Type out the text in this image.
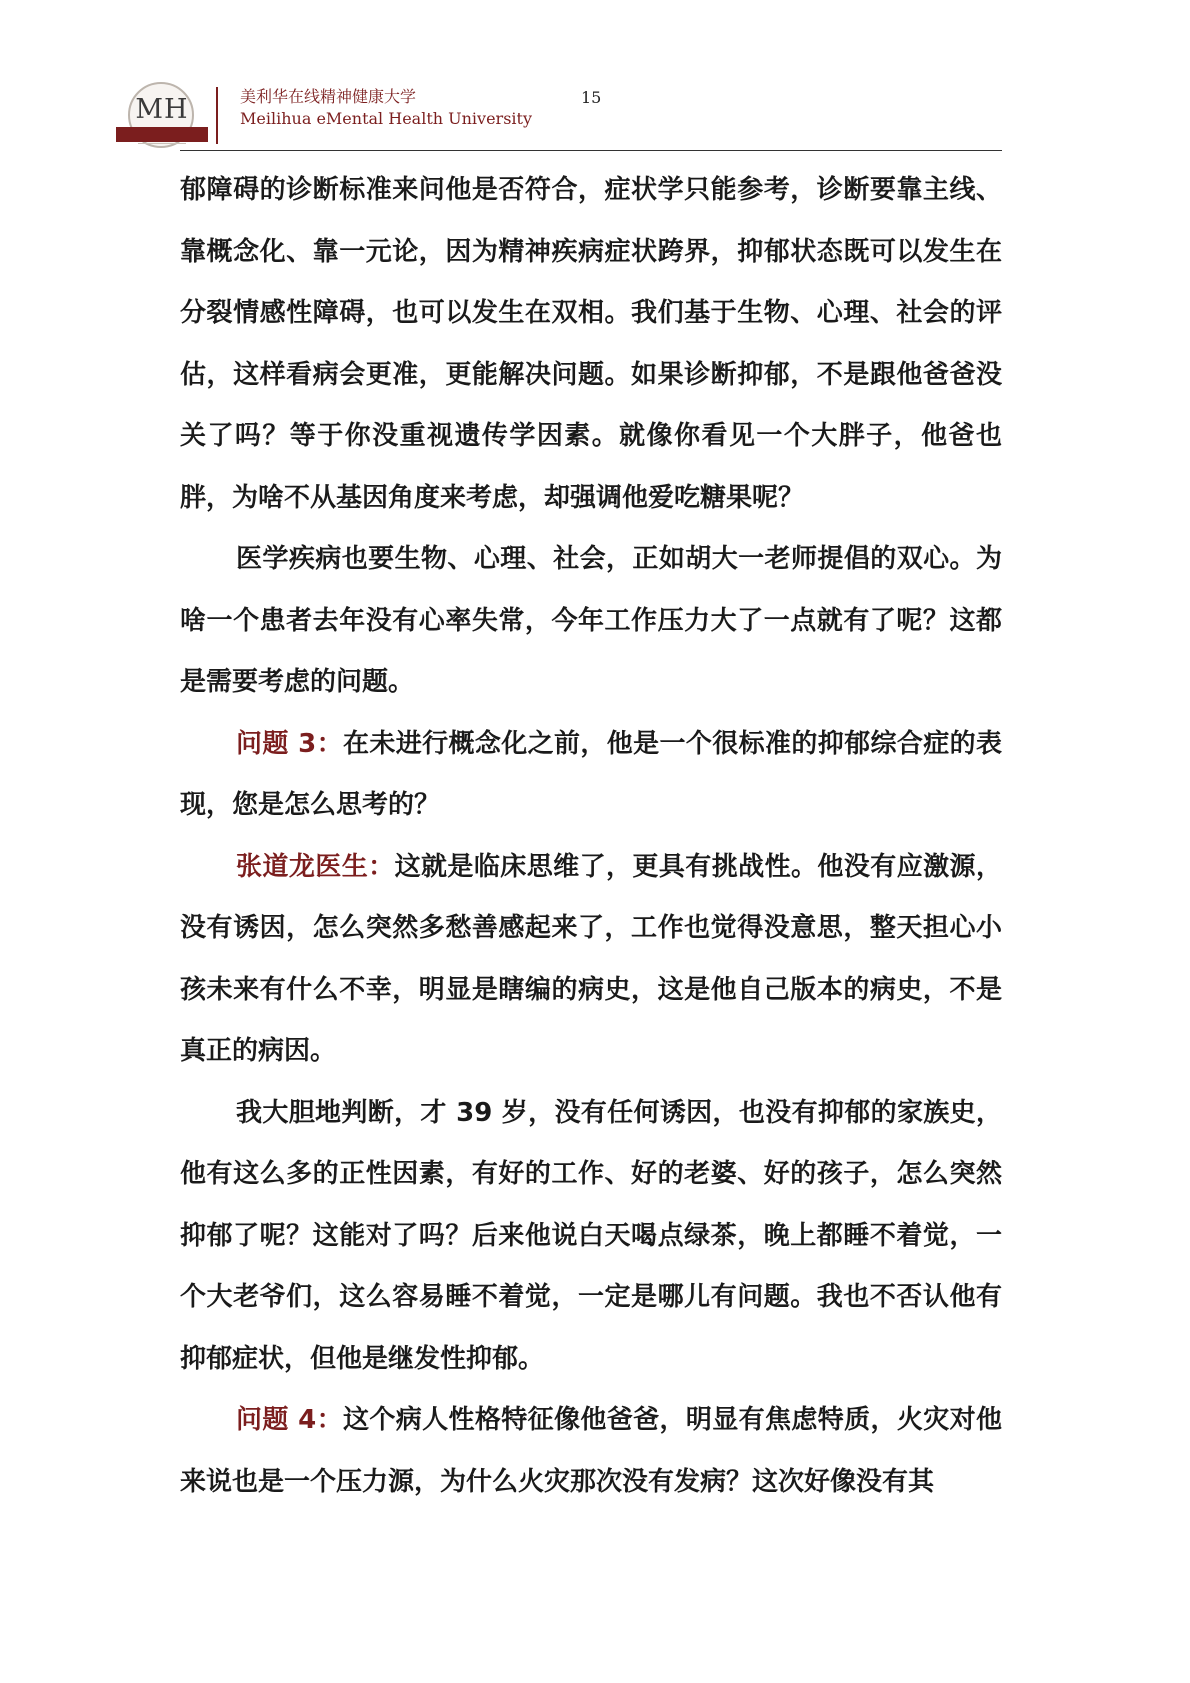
MH	美利华在线精神健康大学
Meilihua eMental Health University
15

郁障碍的诊断标准来问他是否符合，症状学只能参考，诊断要靠主线、靠概念化、靠一元论，因为精神疾病症状跨界，抑郁状态既可以发生在分裂情感性障碍，也可以发生在双相。我们基于生物、心理、社会的评估，这样看病会更准，更能解决问题。如果诊断抑郁，不是跟他爸爸没关了吗？等于你没重视遗传学因素。就像你看见一个大胖子，他爸也胖，为啥不从基因角度来考虑，却强调他爱吃糖果呢？

医学疾病也要生物、心理、社会，正如胡大一老师提倡的双心。为啥一个患者去年没有心率失常，今年工作压力大了一点就有了呢？这都是需要考虑的问题。

问题 3：在未进行概念化之前，他是一个很标准的抑郁综合症的表现，您是怎么思考的？

张道龙医生：这就是临床思维了，更具有挑战性。他没有应激源，没有诱因，怎么突然多愁善感起来了，工作也觉得没意思，整天担心小孩未来有什么不幸，明显是瞎编的病史，这是他自己版本的病史，不是真正的病因。

我大胆地判断，才 39 岁，没有任何诱因，也没有抑郁的家族史，他有这么多的正性因素，有好的工作、好的老婆、好的孩子，怎么突然抑郁了呢？这能对了吗？后来他说白天喝点绿茶，晚上都睡不着觉，一个大老爷们，这么容易睡不着觉，一定是哪儿有问题。我也不否认他有抑郁症状，但他是继发性抑郁。

问题 4：这个病人性格特征像他爸爸，明显有焦虑特质，火灾对他来说也是一个压力源，为什么火灾那次没有发病？这次好像没有其
